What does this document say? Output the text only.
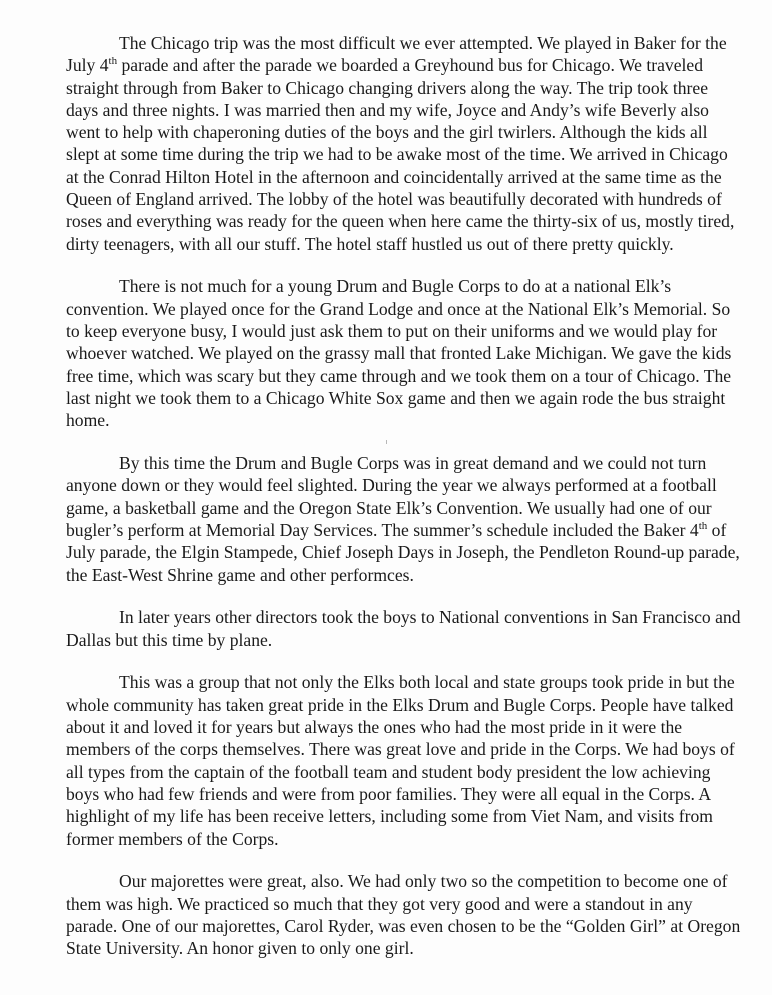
The Chicago trip was the most difficult we ever attempted. We played in Baker for the July 4th parade and after the parade we boarded a Greyhound bus for Chicago. We traveled straight through from Baker to Chicago changing drivers along the way. The trip took three days and three nights. I was married then and my wife, Joyce and Andy’s wife Beverly also went to help with chaperoning duties of the boys and the girl twirlers. Although the kids all slept at some time during the trip we had to be awake most of the time. We arrived in Chicago at the Conrad Hilton Hotel in the afternoon and coincidentally arrived at the same time as the Queen of England arrived. The lobby of the hotel was beautifully decorated with hundreds of roses and everything was ready for the queen when here came the thirty-six of us, mostly tired, dirty teenagers, with all our stuff. The hotel staff hustled us out of there pretty quickly.

There is not much for a young Drum and Bugle Corps to do at a national Elk’s convention. We played once for the Grand Lodge and once at the National Elk’s Memorial. So to keep everyone busy, I would just ask them to put on their uniforms and we would play for whoever watched. We played on the grassy mall that fronted Lake Michigan. We gave the kids free time, which was scary but they came through and we took them on a tour of Chicago. The last night we took them to a Chicago White Sox game and then we again rode the bus straight home.

By this time the Drum and Bugle Corps was in great demand and we could not turn anyone down or they would feel slighted. During the year we always performed at a football game, a basketball game and the Oregon State Elk’s Convention. We usually had one of our bugler’s perform at Memorial Day Services. The summer’s schedule included the Baker 4th of July parade, the Elgin Stampede, Chief Joseph Days in Joseph, the Pendleton Round-up parade, the East-West Shrine game and other performces.

In later years other directors took the boys to National conventions in San Francisco and Dallas but this time by plane.

This was a group that not only the Elks both local and state groups took pride in but the whole community has taken great pride in the Elks Drum and Bugle Corps. People have talked about it and loved it for years but always the ones who had the most pride in it were the members of the corps themselves. There was great love and pride in the Corps. We had boys of all types from the captain of the football team and student body president the low achieving boys who had few friends and were from poor families. They were all equal in the Corps. A highlight of my life has been receive letters, including some from Viet Nam, and visits from former members of the Corps.

Our majorettes were great, also. We had only two so the competition to become one of them was high. We practiced so much that they got very good and were a standout in any parade. One of our majorettes, Carol Ryder, was even chosen to be the “Golden Girl” at Oregon State University. An honor given to only one girl.
